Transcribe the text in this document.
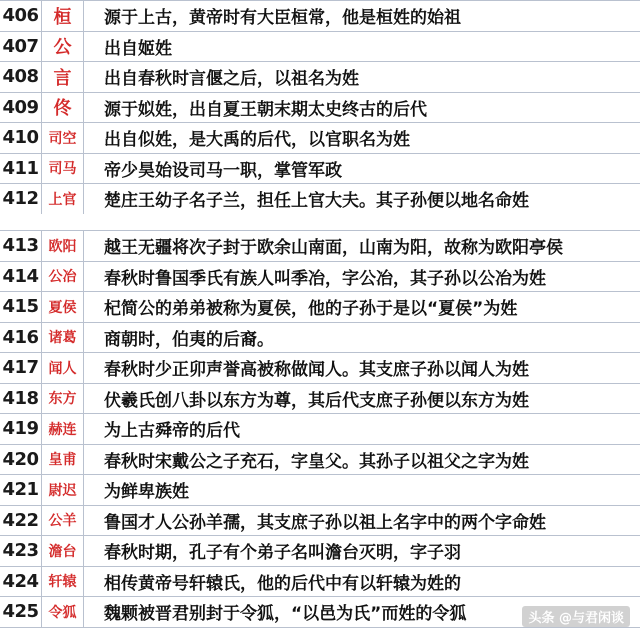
406 桓	源于上古，黄帝时有大臣桓常，他是桓姓的始祖
407 公	出自姬姓
408 言	出自春秋时言偃之后，以祖名为姓
409 佟	源于姒姓，出自夏王朝末期太史终古的后代
410 司空	出自似姓，是大禹的后代，以官职名为姓
411 司马	帝少昊始设司马一职，掌管军政
412 上官	楚庄王幼子名子兰，担任上官大夫。其子孙便以地名命姓
413 欧阳	越王无疆将次子封于欧余山南面，山南为阳，故称为欧阳亭侯
414 公冶	春秋时鲁国季氏有族人叫季冶，字公冶，其子孙以公冶为姓
415 夏侯	杞简公的弟弟被称为夏侯，他的子孙于是以“夏侯”为姓
416 诸葛	商朝时，伯夷的后裔。
417 闻人	春秋时少正卯声誉高被称做闻人。其支庶子孙以闻人为姓
418 东方	伏羲氏创八卦以东方为尊，其后代支庶子孙便以东方为姓
419 赫连	为上古舜帝的后代
420 皇甫	春秋时宋戴公之子充石，字皇父。其孙子以祖父之字为姓
421 尉迟	为鲜卑族姓
422 公羊	鲁国才人公孙羊孺，其支庶子孙以祖上名字中的两个字命姓
423 澹台	春秋时期，孔子有个弟子名叫澹台灭明，字子羽
424 轩辕	相传黄帝号轩辕氏，他的后代中有以轩辕为姓的
425 令狐	魏颗被晋君别封于令狐，“以邑为氏”而姓的令狐	头条 @与君闲谈
